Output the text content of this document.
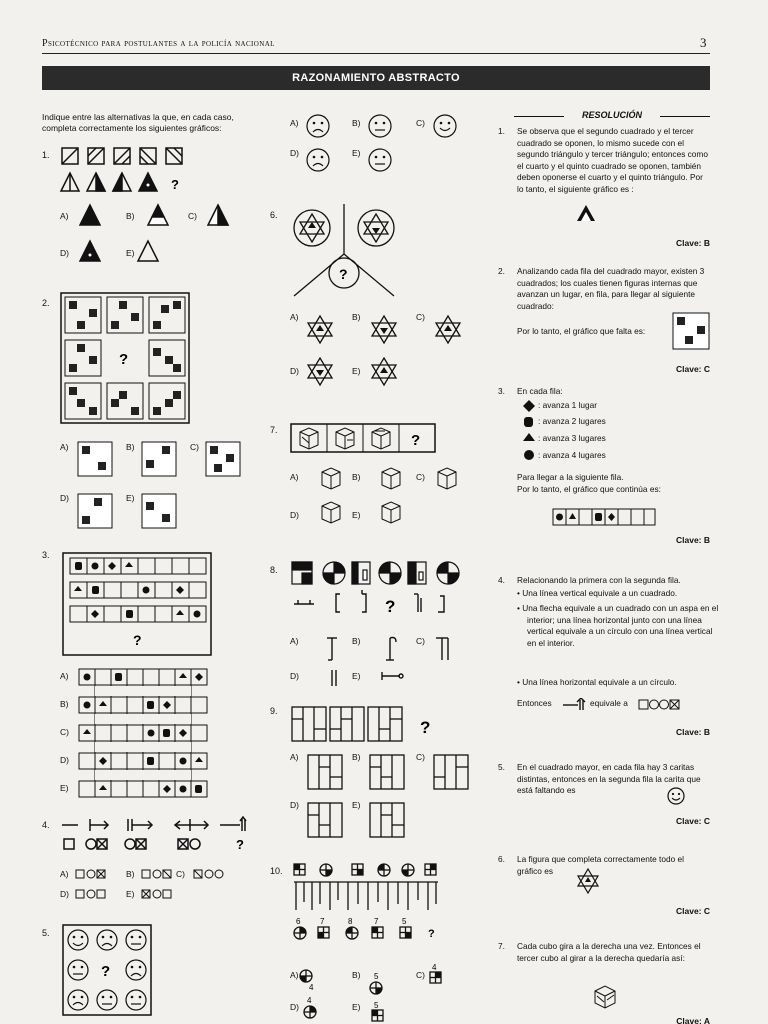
Psicotécnico para postulantes a la policía nacional	3
RAZONAMIENTO ABSTRACTO
Indique entre las alternativas la que, en cada caso, completa correctamente los siguientes gráficos:
1.
?
A)	B)	C)
D)	E)
2.
?
A)	B)	C)
D)	E)
3.
?
A)
B)
C)
D)
E)
4.
?
A)	B)	C)
D)	E)
5.
?
A)	B)	C)
D)	E)
6.
?
A)	B)	C)
D)	E)
7.
?
A)	B)	C)
D)	E)
8.
?
A)	B)	C)
D)	E)
9.
?
A)	B)	C)
D)	E)
10.
6 7	8	7	5
?
4
5
4
4
5
A)	B)	C)
D)	E)
RESOLUCIÓN
1. Se observa que el segundo cuadrado y el tercer cuadrado se oponen, lo mismo sucede con el segundo triángulo y tercer triángulo; entonces como el cuarto y el quinto cuadrado se oponen, también deben oponerse el cuarto y el quinto triángulo. Por lo tanto, el siguiente gráfico es :
Clave: B
2. Analizando cada fila del cuadrado mayor, existen 3 cuadrados; los cuales tienen figuras internas que avanzan un lugar, en fila, para llegar al siguiente cuadrado:
Por lo tanto, el gráfico que falta es:
Clave: C
3. En cada fila:
: avanza 1 lugar
: avanza 2 lugares
: avanza 3 lugares
: avanza 4 lugares
Para llegar a la siguiente fila.
Por lo tanto, el gráfico que continúa es:
Clave: B
4. Relacionando la primera con la segunda fila.
• Una línea vertical equivale a un cuadrado.
• Una flecha equivale a un cuadrado con un aspa en el interior; una línea horizontal junto con una línea vertical equivale a un círculo con una línea vertical en el interior.
• Una línea horizontal equivale a un círculo.
Entonces	equivale a
Clave: B
5. En el cuadrado mayor, en cada fila hay 3 caritas distintas, entonces en la segunda fila la carita que está faltando es
Clave: C
6. La figura que completa correctamente todo el gráfico es
Clave: C
7. Cada cubo gira a la derecha una vez. Entonces el tercer cubo al girar a la derecha quedaría así:
Clave: A
